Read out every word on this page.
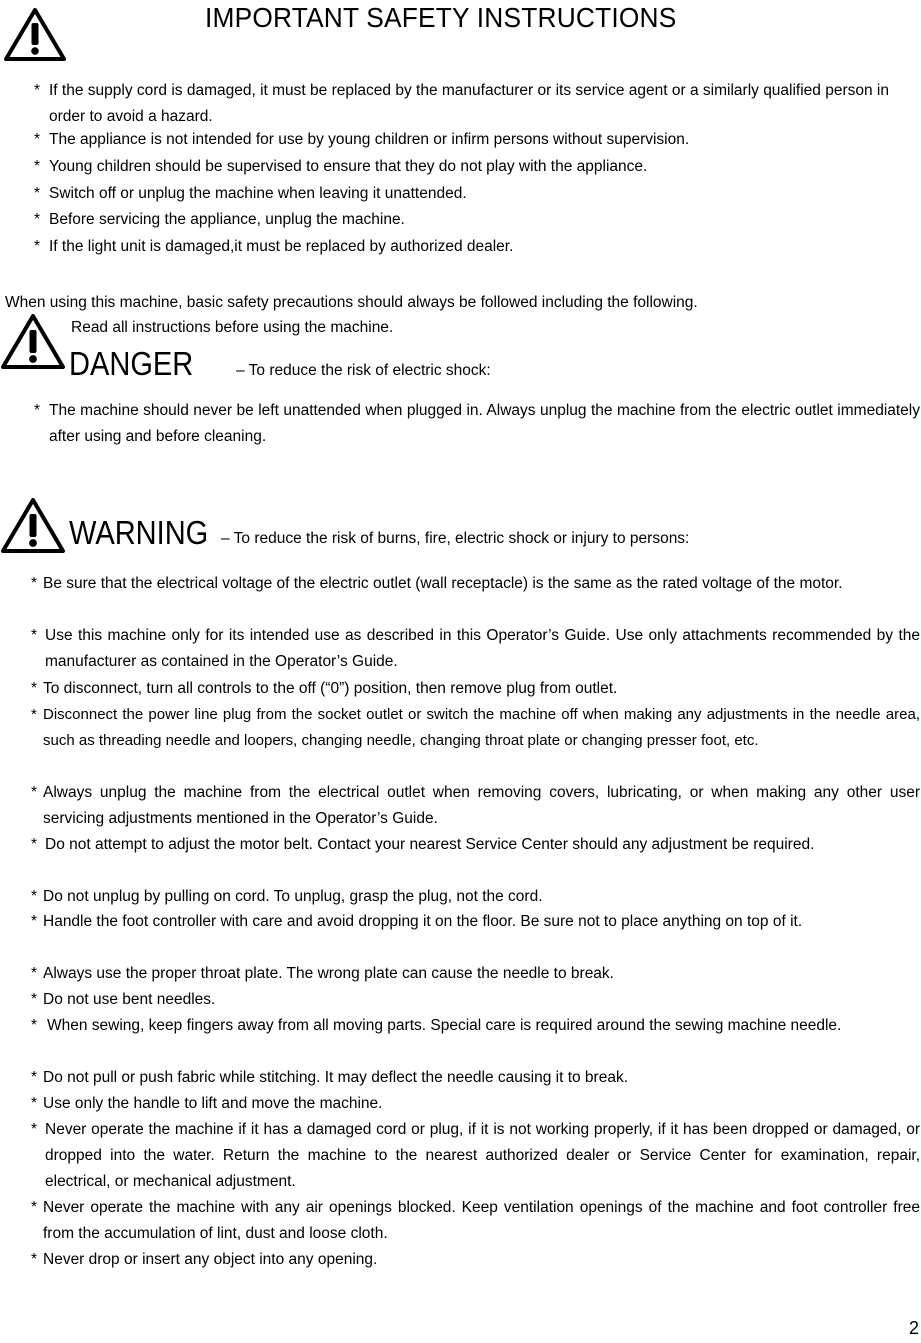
IMPORTANT SAFETY INSTRUCTIONS
* If the supply cord is damaged, it must be replaced by the manufacturer or its service agent or a similarly qualified person in order to avoid a hazard.
* The appliance is not intended for use by young children or infirm persons without supervision.
* Young children should be supervised to ensure that they do not play with the appliance.
* Switch off or unplug the machine when leaving it unattended.
* Before servicing the appliance, unplug the machine.
* If the light unit is damaged,it must be replaced by authorized dealer.
When using this machine, basic safety precautions should always be followed including the following.
Read all instructions before using the machine.
DANGER	– To reduce the risk of electric shock:
* The machine should never be left unattended when plugged in. Always unplug the machine from the electric outlet immediately after using and before cleaning.
WARNING – To reduce the risk of burns, fire, electric shock or injury to persons:
* Be sure that the electrical voltage of the electric outlet (wall receptacle) is the same as the rated voltage of the motor.
* Use this machine only for its intended use as described in this Operator’s Guide. Use only attachments recommended by the manufacturer as contained in the Operator’s Guide.
* To disconnect, turn all controls to the off (“0”) position, then remove plug from outlet.
* Disconnect the power line plug from the socket outlet or switch the machine off when making any adjustments in the needle area, such as threading needle and loopers, changing needle, changing throat plate or changing presser foot, etc.
* Always unplug the machine from the electrical outlet when removing covers, lubricating, or when making any other user servicing adjustments mentioned in the Operator’s Guide.
* Do not attempt to adjust the motor belt. Contact your nearest Service Center should any adjustment be required.
* Do not unplug by pulling on cord. To unplug, grasp the plug, not the cord.
* Handle the foot controller with care and avoid dropping it on the floor. Be sure not to place anything on top of it.
* Always use the proper throat plate. The wrong plate can cause the needle to break.
* Do not use bent needles.
* When sewing, keep fingers away from all moving parts. Special care is required around the sewing machine needle.
* Do not pull or push fabric while stitching. It may deflect the needle causing it to break.
* Use only the handle to lift and move the machine.
* Never operate the machine if it has a damaged cord or plug, if it is not working properly, if it has been dropped or damaged, or dropped into the water. Return the machine to the nearest authorized dealer or Service Center for examination, repair, electrical, or mechanical adjustment.
* Never operate the machine with any air openings blocked. Keep ventilation openings of the machine and foot controller free from the accumulation of lint, dust and loose cloth.
* Never drop or insert any object into any opening.
2
